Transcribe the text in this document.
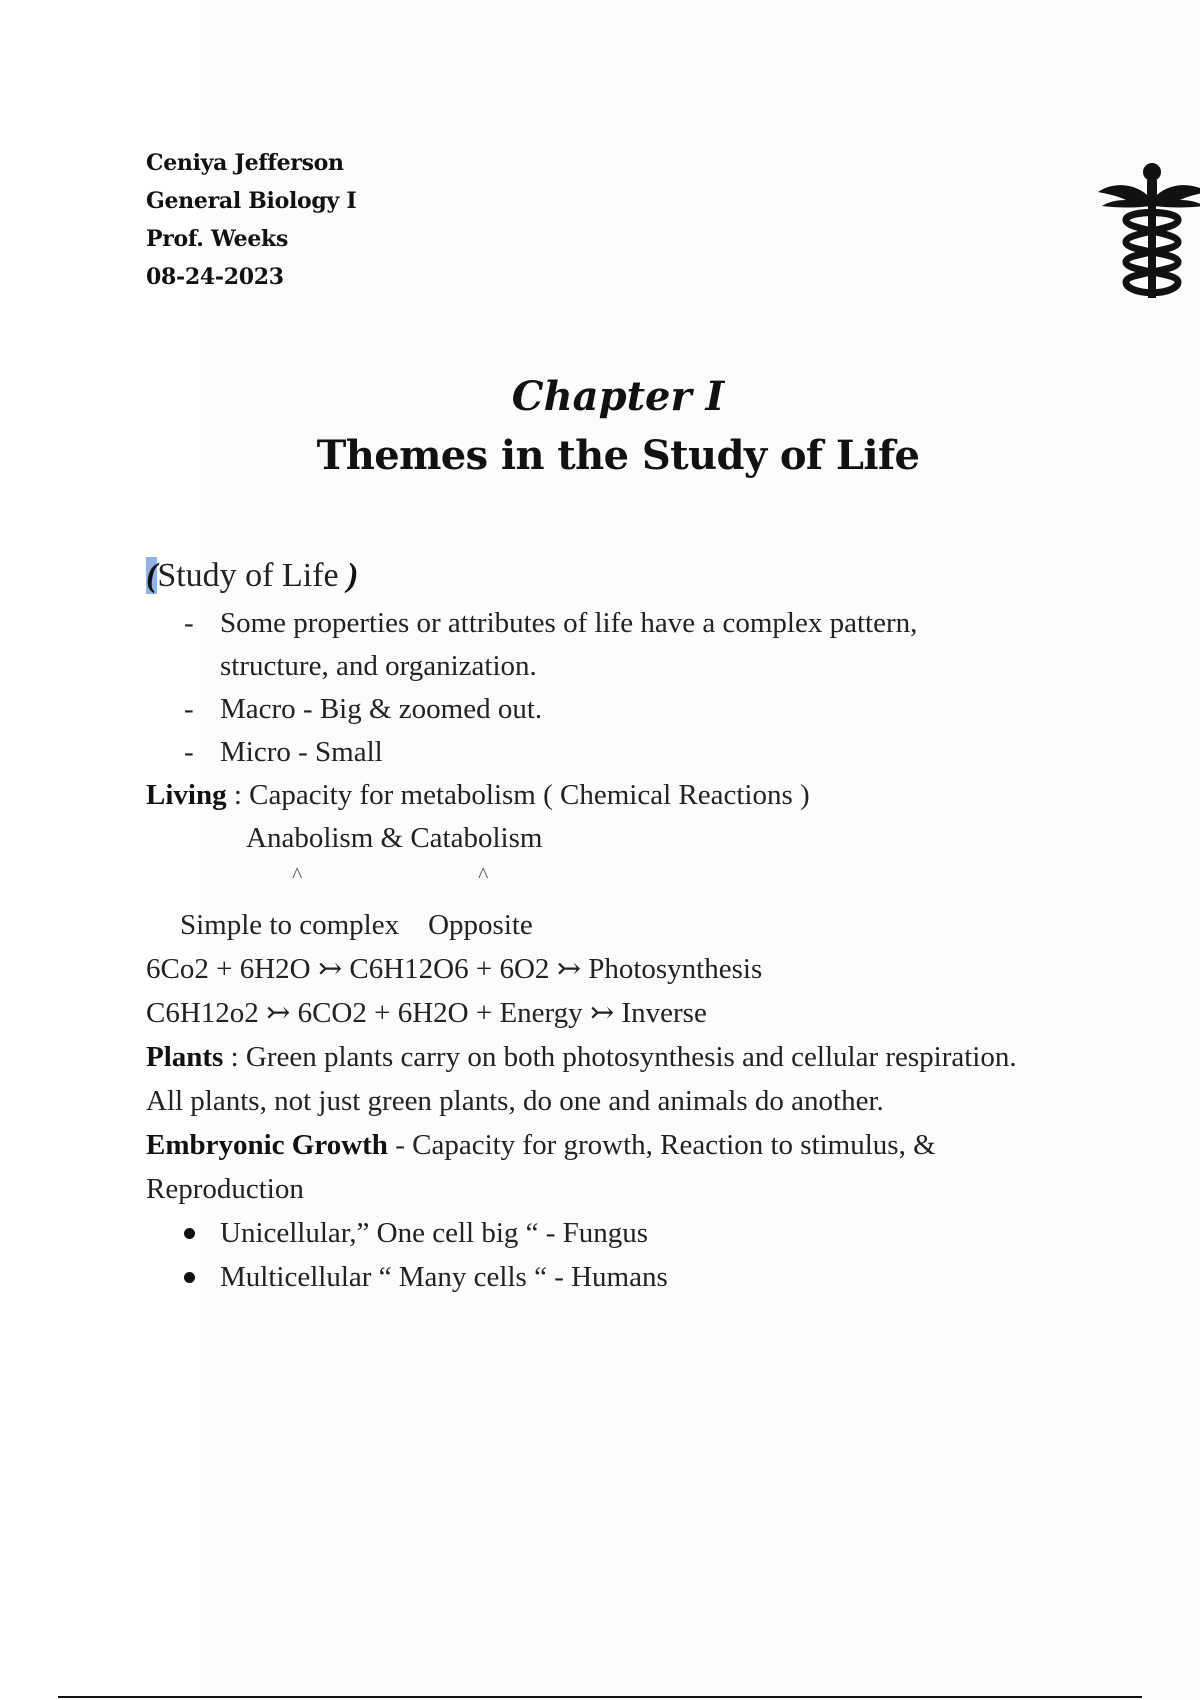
Ceniya Jefferson
General Biology I
Prof. Weeks
08-24-2023
Chapter I
Themes in the Study of Life

(Study of Life )

- Some properties or attributes of life have a complex pattern, structure, and organization.
- Macro - Big & zoomed out.
- Micro - Small

Living : Capacity for metabolism ( Chemical Reactions )

Anabolism & Catabolism

^	^

Simple to complex    Opposite

6Co2 + 6H2O ↣ C6H12O6 + 6O2 ↣ Photosynthesis

C6H12o2 ↣ 6CO2 + 6H2O + Energy ↣ Inverse

Plants : Green plants carry on both photosynthesis and cellular respiration. All plants, not just green plants, do one and animals do another.

Embryonic Growth - Capacity for growth, Reaction to stimulus, & Reproduction

Unicellular,” One cell big “ - Fungus
Multicellular “ Many cells “ - Humans
